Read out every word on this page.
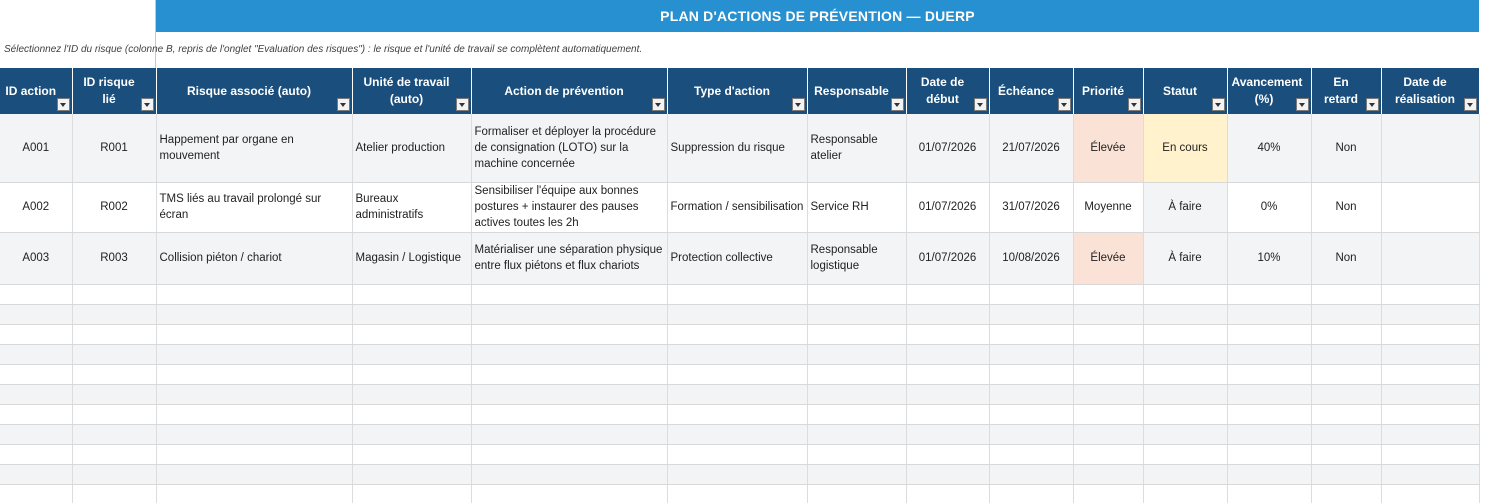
PLAN D'ACTIONS DE PRÉVENTION — DUERP
Sélectionnez l'ID du risque (colonne B, repris de l'onglet "Evaluation des risques") : le risque et l'unité de travail se complètent automatiquement.
ID action	ID risque lié	Risque associé (auto)	Unité de travail (auto)	Action de prévention	Type d'action	Responsable	Date de début	Échéance	Priorité	Statut	Avancement (%)	En retard	Date de réalisation

A001	R001	Happement par organe en mouvement	Atelier production	Formaliser et déployer la procédure de consignation (LOTO) sur la machine concernée	Suppression du risque	Responsable atelier	01/07/2026	21/07/2026	Élevée	En cours	40%	Non	
A002	R002	TMS liés au travail prolongé sur écran	Bureaux administratifs	Sensibiliser l'équipe aux bonnes postures + instaurer des pauses actives toutes les 2h	Formation / sensibilisation	Service RH	01/07/2026	31/07/2026	Moyenne	À faire	0%	Non	
A003	R003	Collision piéton / chariot	Magasin / Logistique	Matérialiser une séparation physique entre flux piétons et flux chariots	Protection collective	Responsable logistique	01/07/2026	10/08/2026	Élevée	À faire	10%	Non	
